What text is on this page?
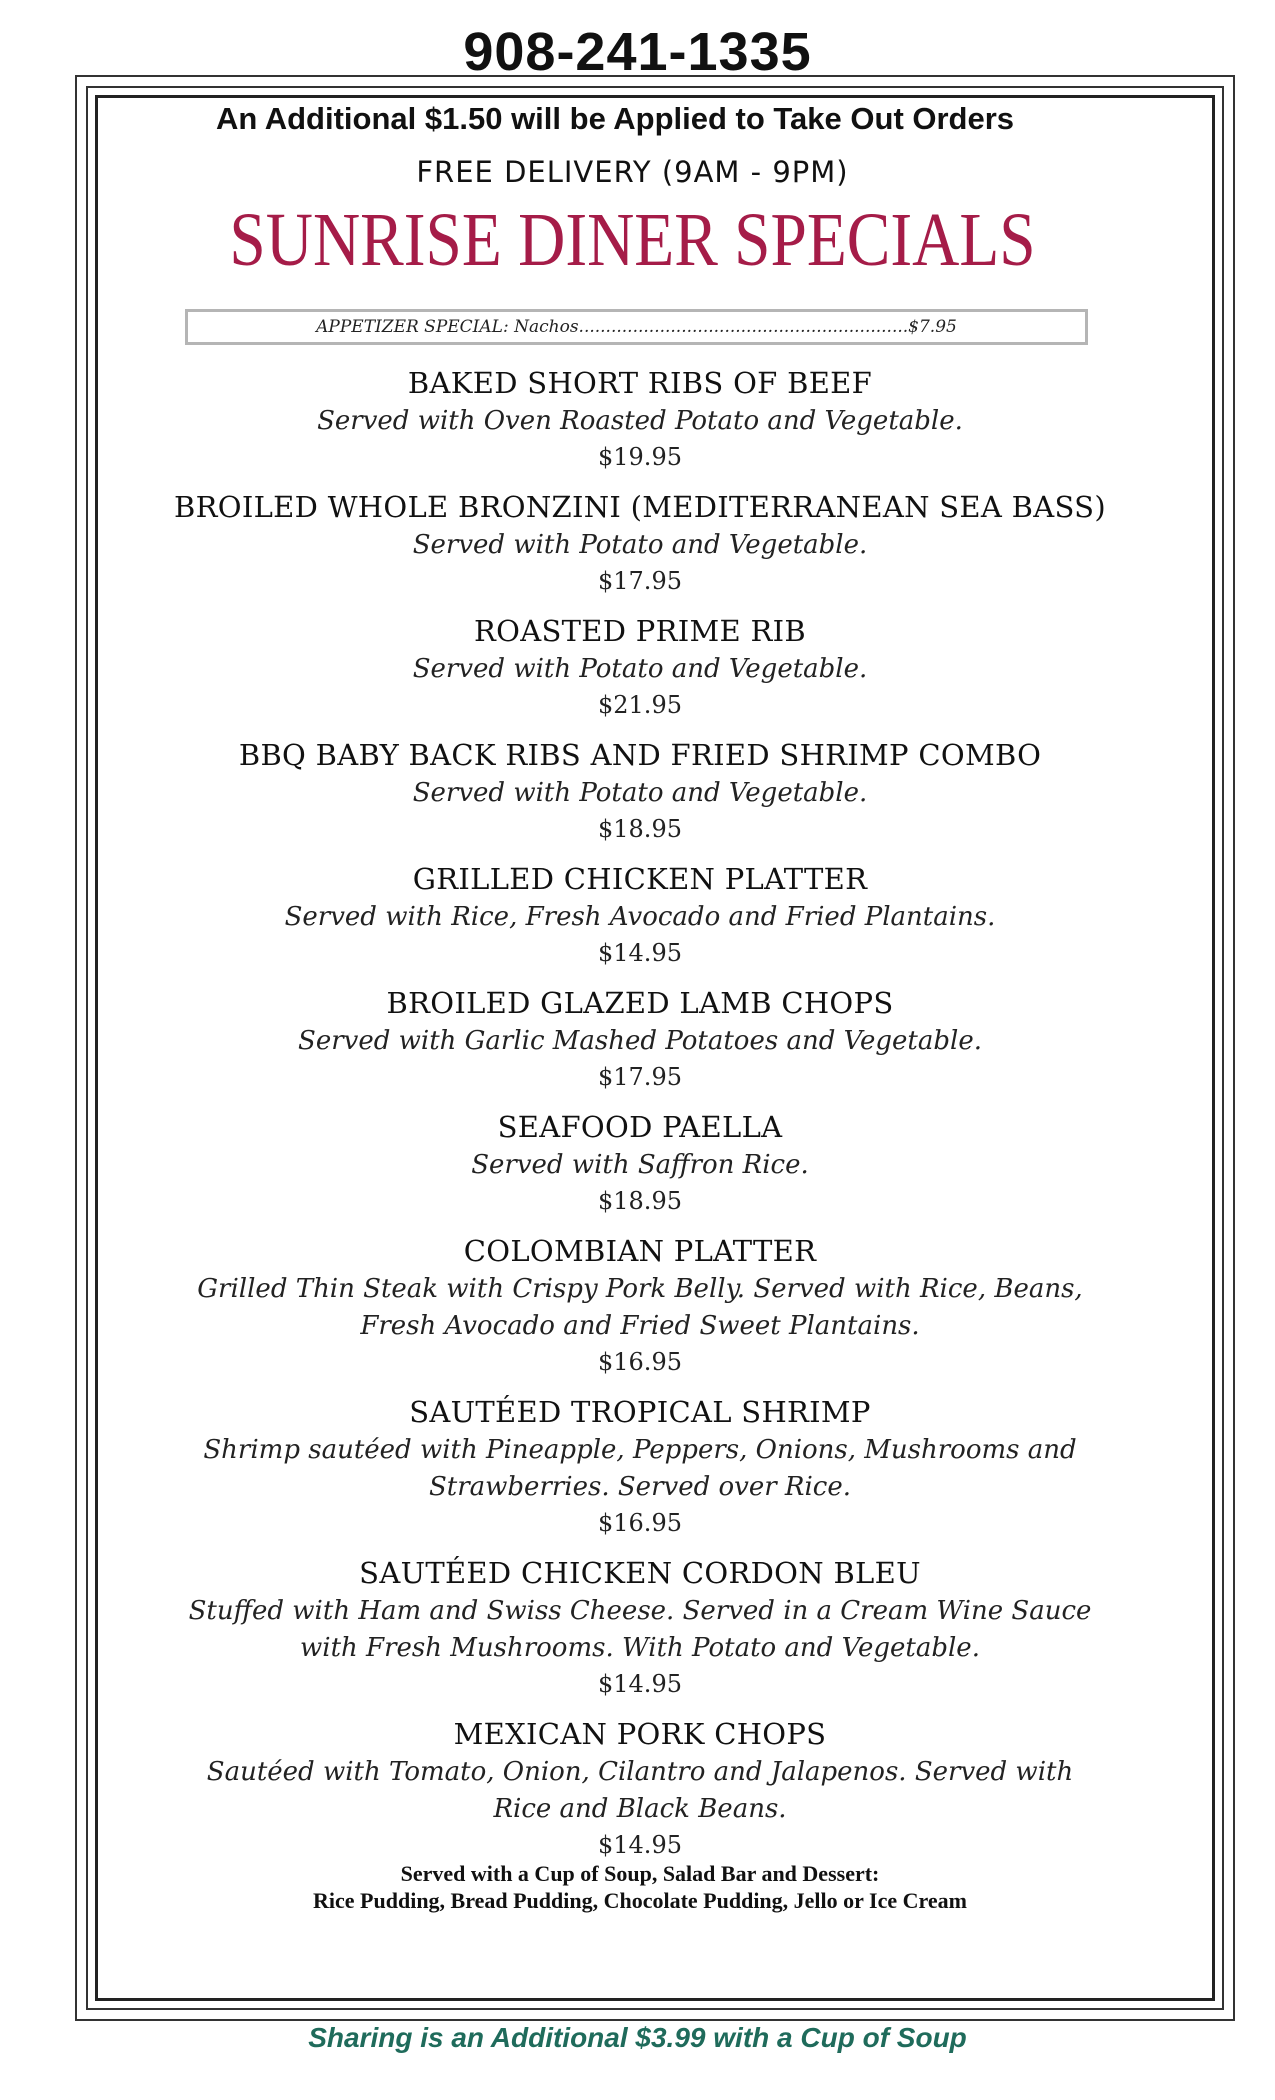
908-241-1335
An Additional $1.50 will be Applied to Take Out Orders
FREE DELIVERY (9AM - 9PM)
SUNRISE DINER SPECIALS
APPETIZER SPECIAL: Nachos.............................................................$7.95
BAKED SHORT RIBS OF BEEF
Served with Oven Roasted Potato and Vegetable.
$19.95
BROILED WHOLE BRONZINI (MEDITERRANEAN SEA BASS)
Served with Potato and Vegetable.
$17.95
ROASTED PRIME RIB
Served with Potato and Vegetable.
$21.95
BBQ BABY BACK RIBS AND FRIED SHRIMP COMBO
Served with Potato and Vegetable.
$18.95
GRILLED CHICKEN PLATTER
Served with Rice, Fresh Avocado and Fried Plantains.
$14.95
BROILED GLAZED LAMB CHOPS
Served with Garlic Mashed Potatoes and Vegetable.
$17.95
SEAFOOD PAELLA
Served with Saffron Rice.
$18.95
COLOMBIAN PLATTER
Grilled Thin Steak with Crispy Pork Belly. Served with Rice, Beans,
Fresh Avocado and Fried Sweet Plantains.
$16.95
SAUTÉED TROPICAL SHRIMP
Shrimp sautéed with Pineapple, Peppers, Onions, Mushrooms and
Strawberries. Served over Rice.
$16.95
SAUTÉED CHICKEN CORDON BLEU
Stuffed with Ham and Swiss Cheese. Served in a Cream Wine Sauce
with Fresh Mushrooms. With Potato and Vegetable.
$14.95
MEXICAN PORK CHOPS
Sautéed with Tomato, Onion, Cilantro and Jalapenos. Served with
Rice and Black Beans.
$14.95
Served with a Cup of Soup, Salad Bar and Dessert:
Rice Pudding, Bread Pudding, Chocolate Pudding, Jello or Ice Cream
Sharing is an Additional $3.99 with a Cup of Soup
